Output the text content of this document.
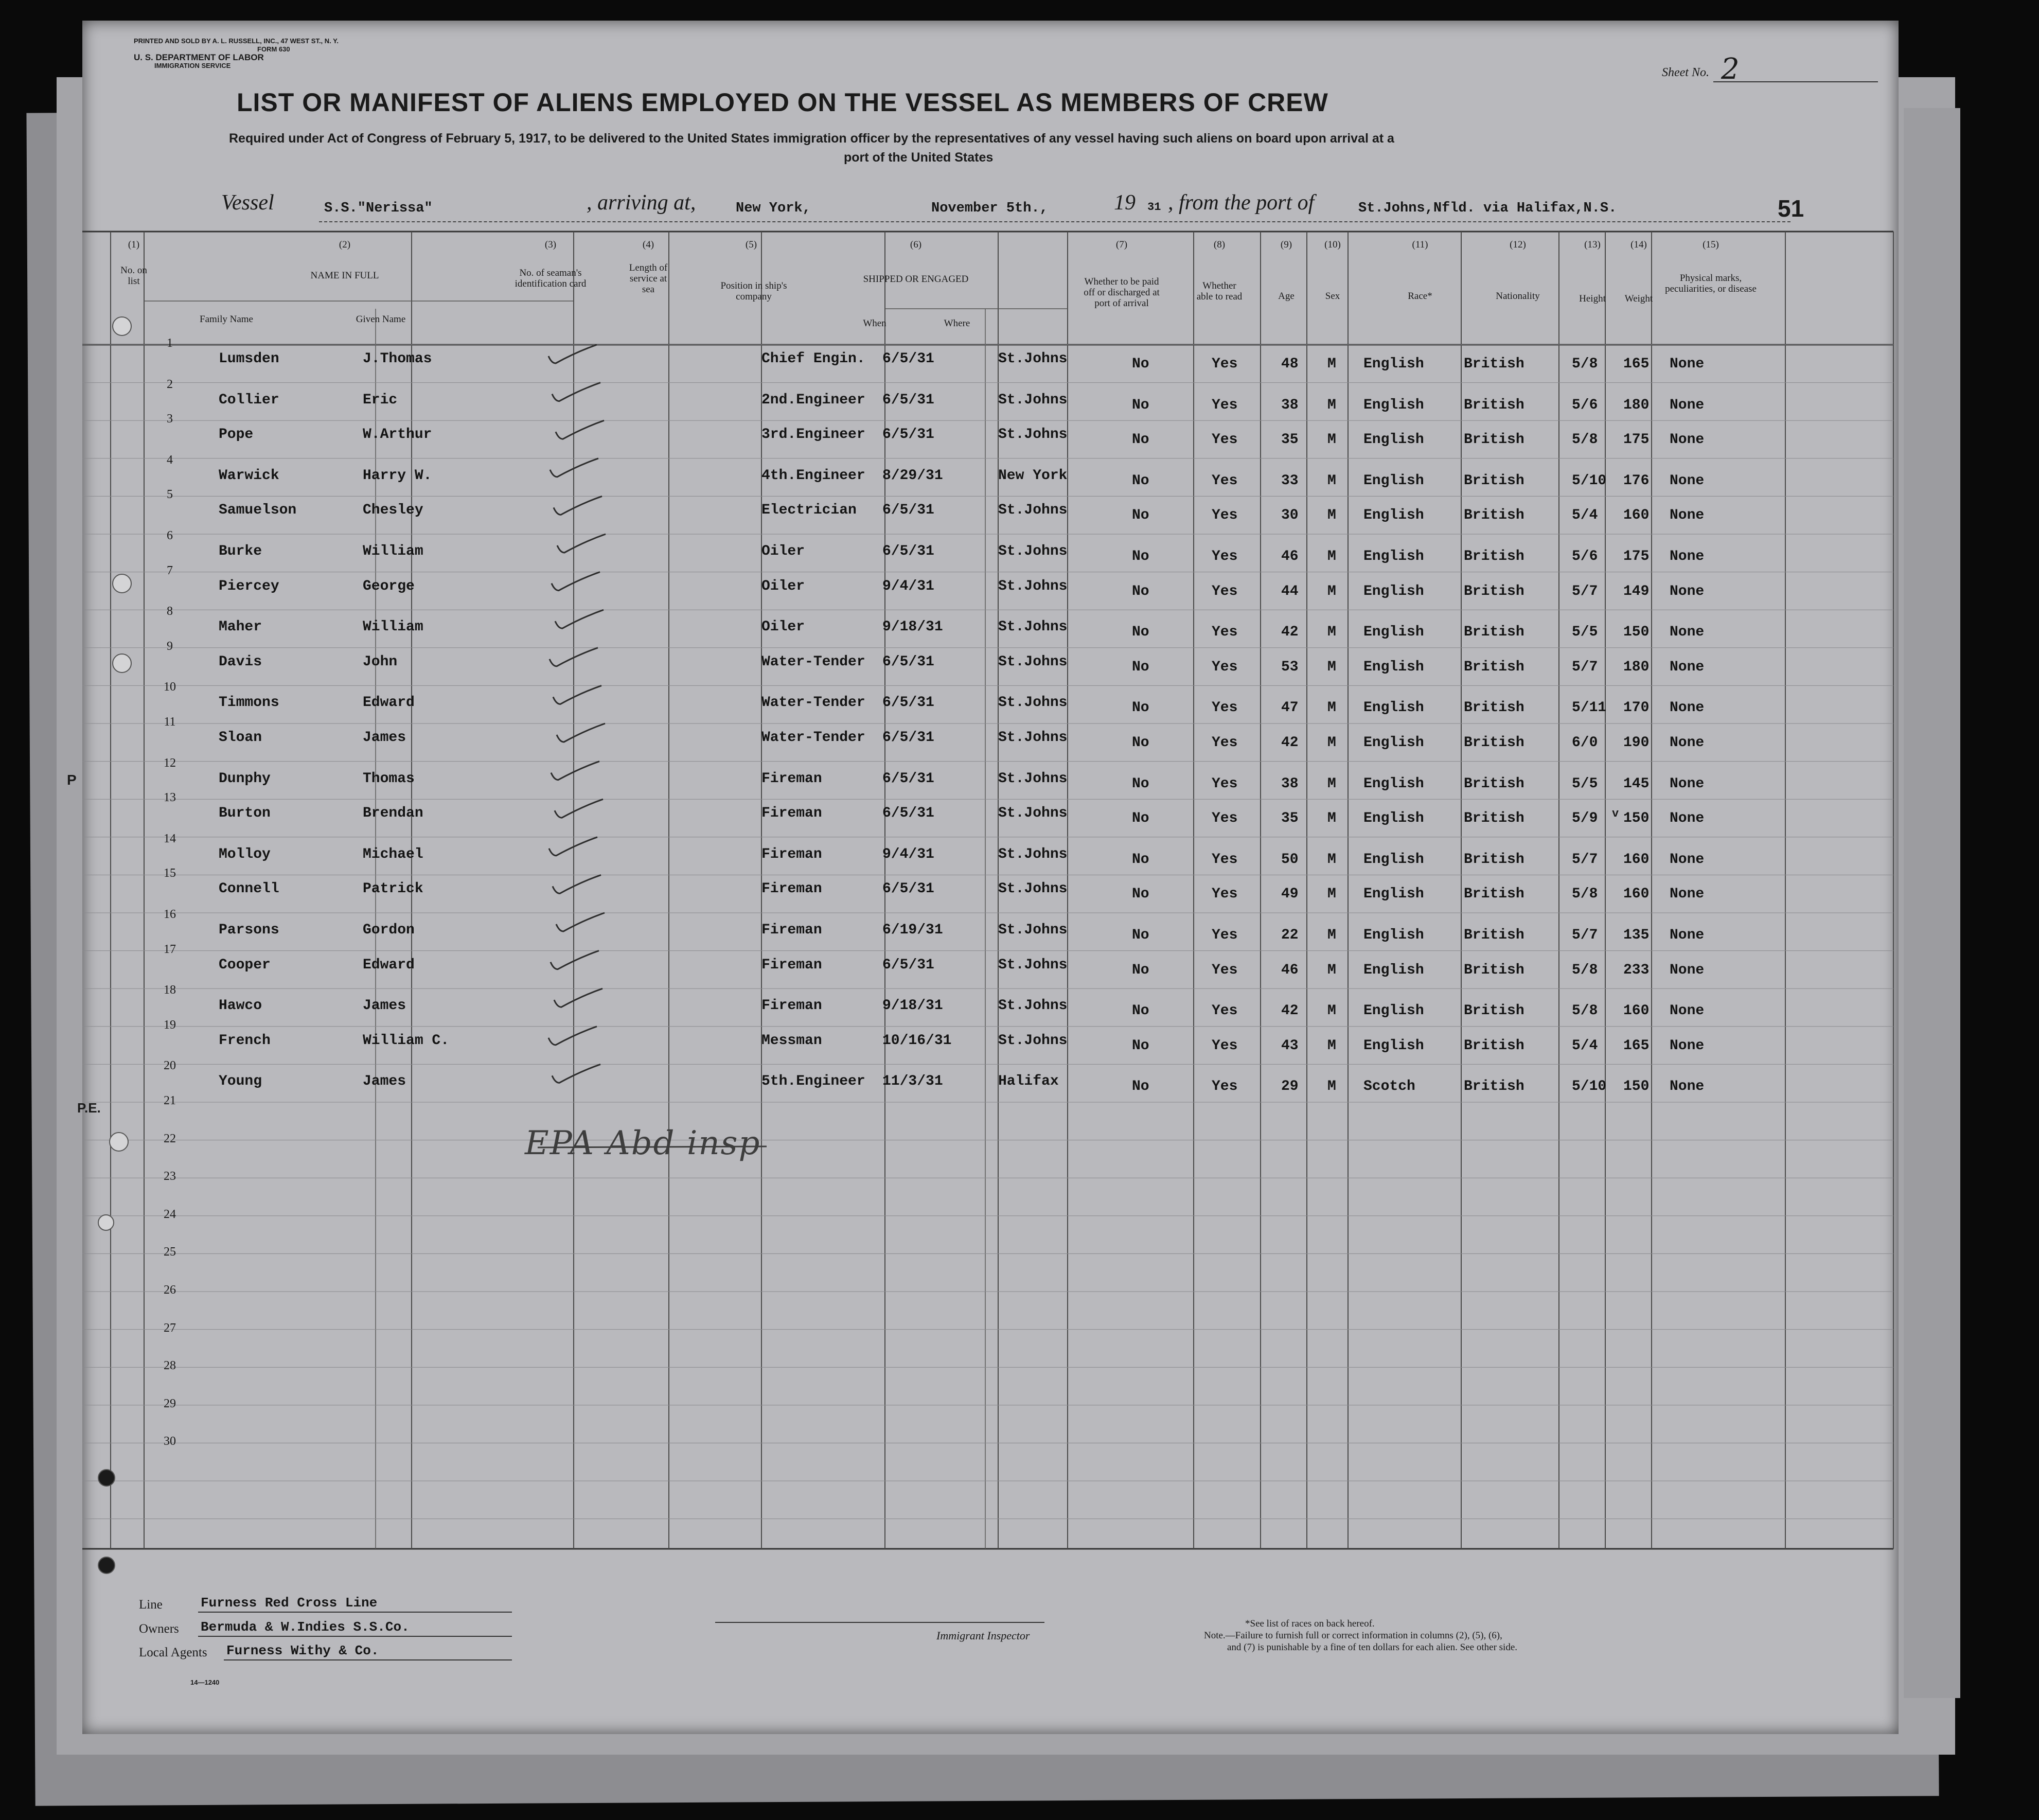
PRINTED AND SOLD BY A. L. RUSSELL, INC., 47 WEST ST., N. Y.
FORM 630
U. S. DEPARTMENT OF LABOR
IMMIGRATION SERVICE
Sheet No. 2
LIST OR MANIFEST OF ALIENS EMPLOYED ON THE VESSEL AS MEMBERS OF CREW
Required under Act of Congress of February 5, 1917, to be delivered to the United States immigration officer by the representatives of any vessel having such aliens on board upon arrival at a
port of the United States
Vessel	S.S."Nerissa"	, arriving at,	New York,	November 5th.,	19 31 , from the port of	St.Johns,Nfld. via Halifax,N.S.	51
(1)
No. on list
(2)
NAME IN FULL
Family Name	Given Name
(3)
No. of seaman's identification card
(4)
Length of service at sea
(5)
Position in ship's company
(6)
SHIPPED OR ENGAGED
When	Where
(7)
Whether to be paid off or discharged at port of arrival
(8)
Whether able to read
(9)
Age
(10)
Sex
(11)
Race*
(12)
Nationality
(13)
Height
(14)
Weight
(15)
Physical marks, peculiarities, or disease
1
Lumsden	J.Thomas	Chief Engin. 6/5/31	St.Johns	No	Yes	48 M English	British	5/8 165 None
2
Collier	Eric	2nd.Engineer 6/5/31	St.Johns	No	Yes	38 M English	British	5/6 180 None
3
Pope	W.Arthur	3rd.Engineer 6/5/31	St.Johns	No	Yes	35 M English	British	5/8 175 None
4
Warwick	Harry W.	4th.Engineer 8/29/31	New York	No	Yes	33 M English	British	5/10 176 None
5
Samuelson	Chesley	Electrician 6/5/31	St.Johns	No	Yes	30 M English	British	5/4 160 None
6
Burke	William	Oiler	6/5/31	St.Johns	No	Yes	46 M English	British	5/6 175 None
7
Piercey	George	Oiler	9/4/31	St.Johns	No	Yes	44 M English	British	5/7 149 None
8
Maher	William	Oiler	9/18/31	St.Johns	No	Yes	42 M English	British	5/5 150 None
9
Davis	John	Water-Tender 6/5/31	St.Johns	No	Yes	53 M English	British	5/7 180 None
10
Timmons	Edward	Water-Tender 6/5/31	St.Johns	No	Yes	47 M English	British	5/11 170 None
11
Sloan	James	Water-Tender 6/5/31	St.Johns	No	Yes	42 M English	British	6/0 190 None
12
Dunphy	Thomas	Fireman	6/5/31	St.Johns	No	Yes	38 M English	British	5/5 145 None
13
Burton	Brendan	Fireman	6/5/31	St.Johns	No	Yes	35 M English	British	5/9 150 None
14
Molloy	Michael	Fireman	9/4/31	St.Johns	No	Yes	50 M English	British	5/7 160 None
15
Connell	Patrick	Fireman	6/5/31	St.Johns	No	Yes	49 M English	British	5/8 160 None
16
Parsons	Gordon	Fireman	6/19/31	St.Johns	No	Yes	22 M English	British	5/7 135 None
17
Cooper	Edward	Fireman	6/5/31	St.Johns	No	Yes	46 M English	British	5/8 233 None
18
Hawco	James	Fireman	9/18/31	St.Johns	No	Yes	42 M English	British	5/8 160 None
19
French	William C.	Messman	10/16/31	St.Johns	No	Yes	43 M English	British	5/4 165 None
20
Young	James	5th.Engineer 11/3/31	Halifax	No	Yes	29 M Scotch	British	5/10 150 None
21
22
23
24
25
26
27
28
29
30
v
P.E.
P
EPA Abd insp
Line	Furness Red Cross Line
Owners Bermuda & W.Indies S.S.Co.
Local Agents Furness Withy & Co.
14—1240
Immigrant Inspector
*See list of races on back hereof.
Note.—Failure to furnish full or correct information in columns (2), (5), (6),
and (7) is punishable by a fine of ten dollars for each alien. See other side.
